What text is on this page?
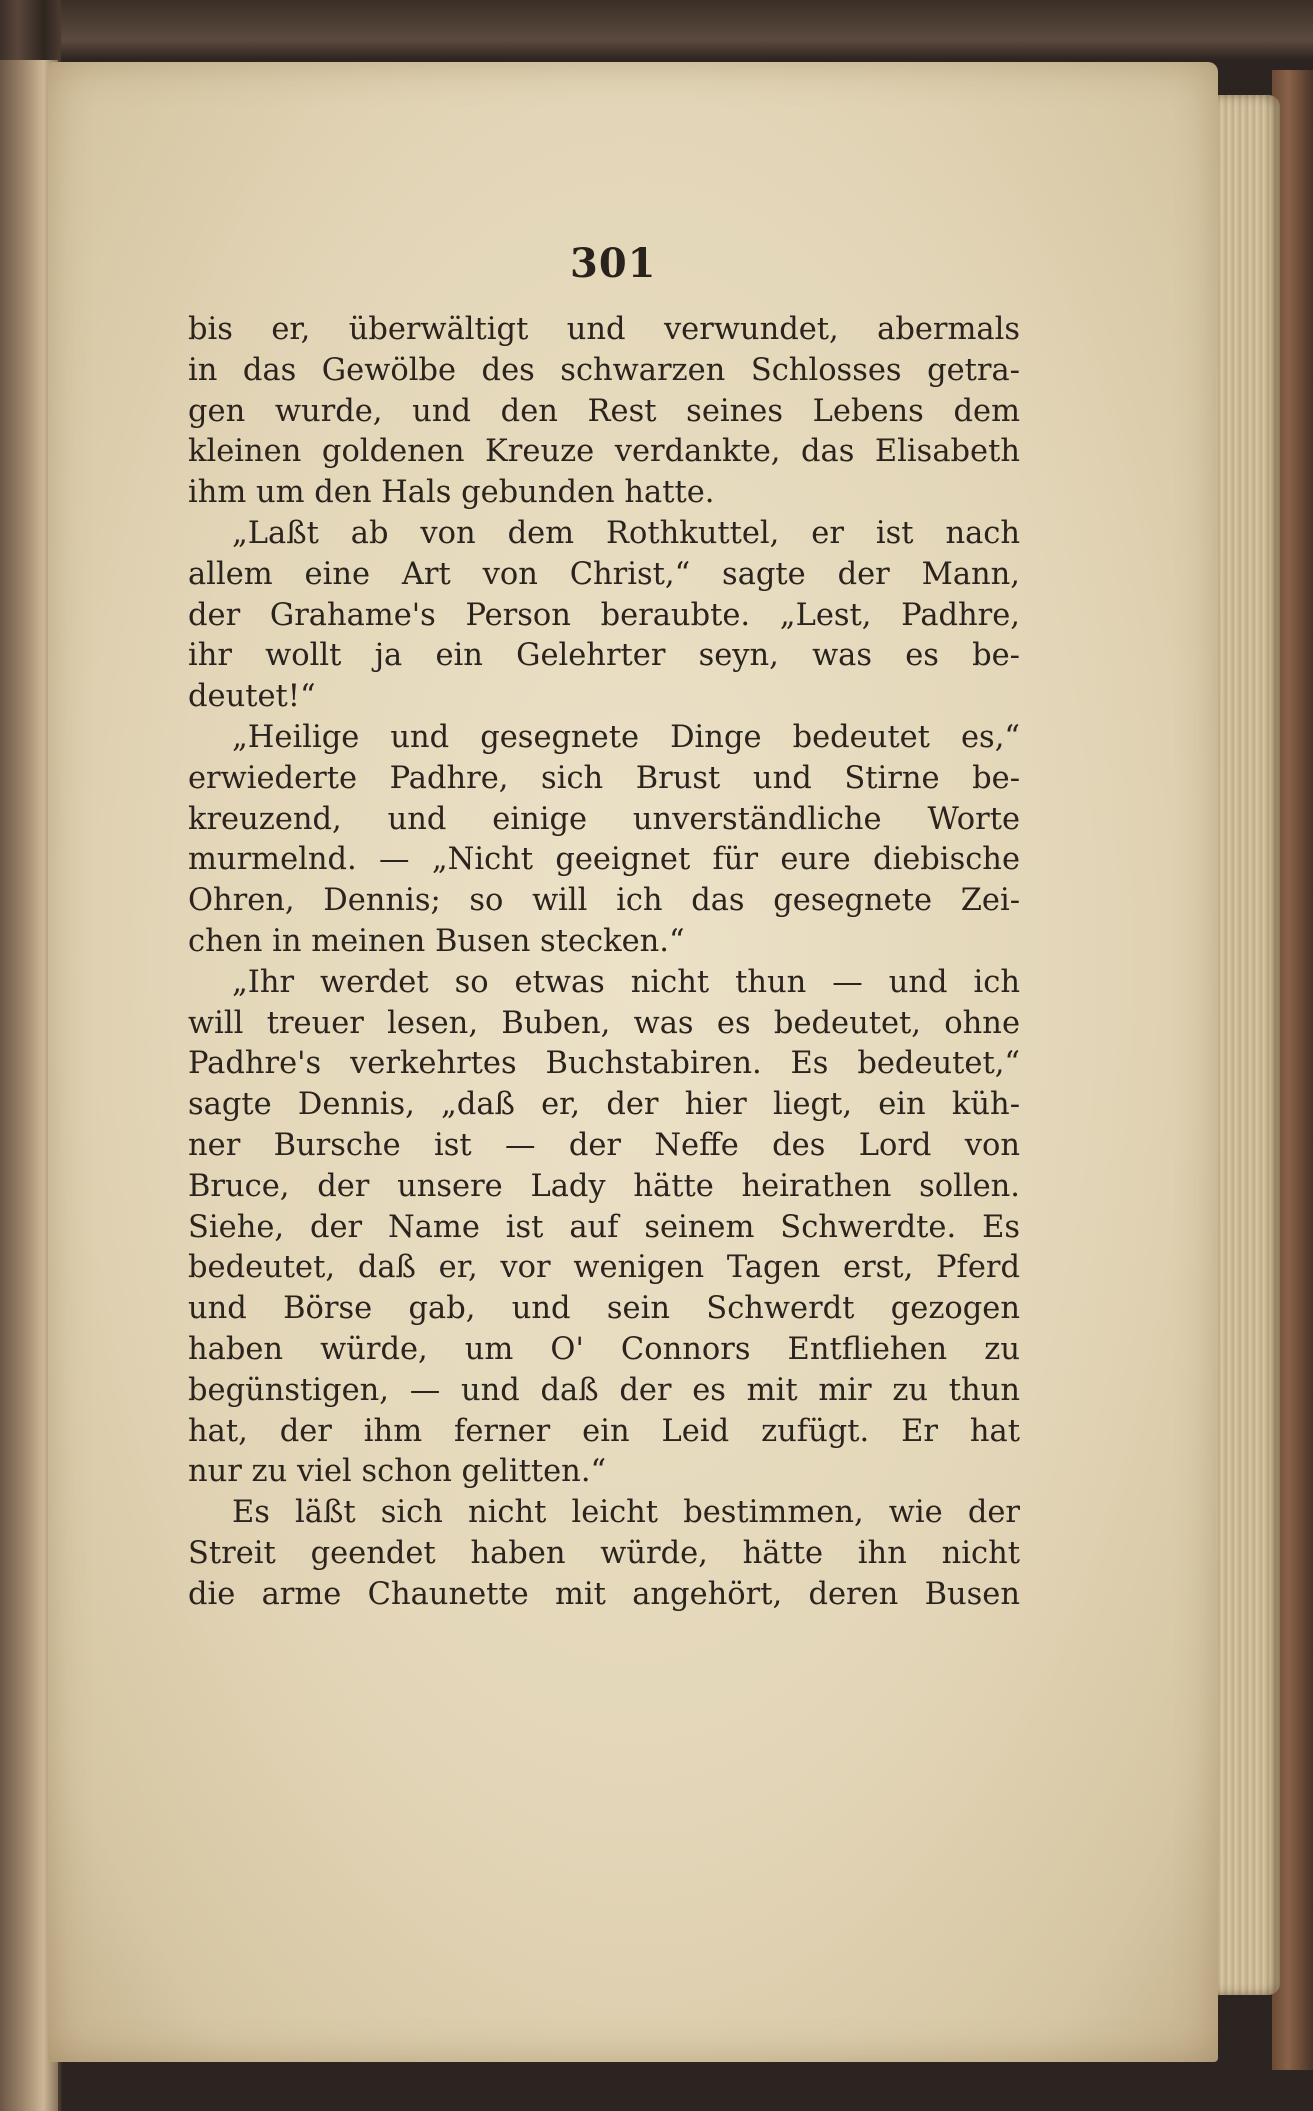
301
bis er, überwältigt und verwundet, abermals
in das Gewölbe des schwarzen Schlosses getra-
gen wurde, und den Rest seines Lebens dem
kleinen goldenen Kreuze verdankte, das Elisabeth
ihm um den Hals gebunden hatte.
„Laßt ab von dem Rothkuttel, er ist nach
allem eine Art von Christ,“ sagte der Mann,
der Grahame's Person beraubte. „Lest, Padhre,
ihr wollt ja ein Gelehrter seyn, was es be-
deutet!“
„Heilige und gesegnete Dinge bedeutet es,“
erwiederte Padhre, sich Brust und Stirne be-
kreuzend, und einige unverständliche Worte
murmelnd. — „Nicht geeignet für eure diebische
Ohren, Dennis; so will ich das gesegnete Zei-
chen in meinen Busen stecken.“
„Ihr werdet so etwas nicht thun — und ich
will treuer lesen, Buben, was es bedeutet, ohne
Padhre's verkehrtes Buchstabiren. Es bedeutet,“
sagte Dennis, „daß er, der hier liegt, ein küh-
ner Bursche ist — der Neffe des Lord von
Bruce, der unsere Lady hätte heirathen sollen.
Siehe, der Name ist auf seinem Schwerdte. Es
bedeutet, daß er, vor wenigen Tagen erst, Pferd
und Börse gab, und sein Schwerdt gezogen
haben würde, um O' Connors Entfliehen zu
begünstigen, — und daß der es mit mir zu thun
hat, der ihm ferner ein Leid zufügt. Er hat
nur zu viel schon gelitten.“
Es läßt sich nicht leicht bestimmen, wie der
Streit geendet haben würde, hätte ihn nicht
die arme Chaunette mit angehört, deren Busen
